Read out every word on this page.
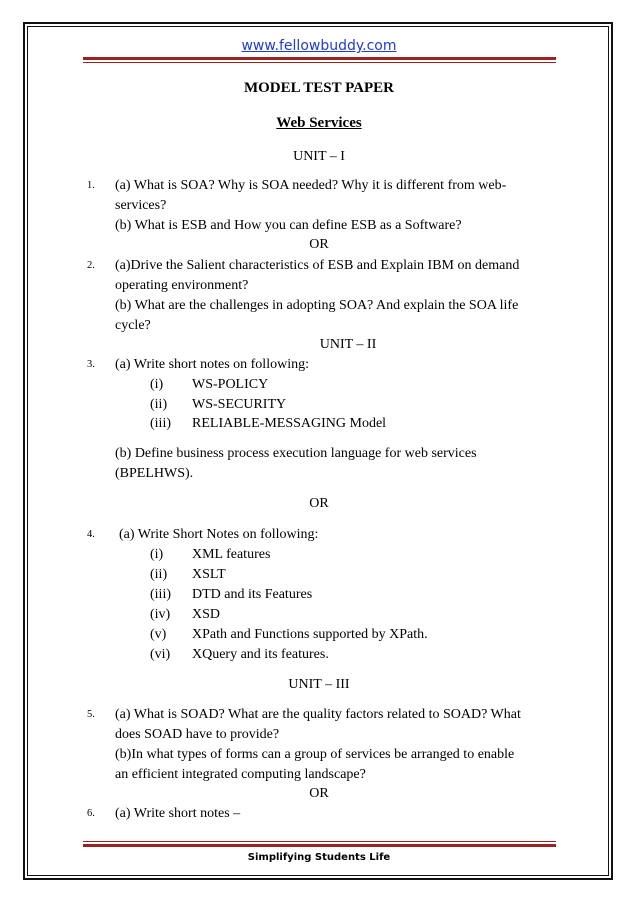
www.fellowbuddy.com
MODEL TEST PAPER
Web Services
UNIT – I
1. (a) What is SOA? Why is SOA needed? Why it is different from web-
services?
(b) What is ESB and How you can define ESB as a Software?
OR
2. (a)Drive the Salient characteristics of ESB and Explain IBM on demand
operating environment?
(b) What are the challenges in adopting SOA? And explain the SOA life
cycle?
UNIT – II
3. (a) Write short notes on following:
(i) WS-POLICY
(ii) WS-SECURITY
(iii) RELIABLE-MESSAGING Model
(b) Define business process execution language for web services
(BPELHWS).
OR
4. (a) Write Short Notes on following:
(i) XML features
(ii) XSLT
(iii) DTD and its Features
(iv) XSD
(v) XPath and Functions supported by XPath.
(vi) XQuery and its features.
UNIT – III
5. (a) What is SOAD? What are the quality factors related to SOAD? What
does SOAD have to provide?
(b)In what types of forms can a group of services be arranged to enable
an efficient integrated computing landscape?
OR
6. (a) Write short notes –
Simplifying Students Life
